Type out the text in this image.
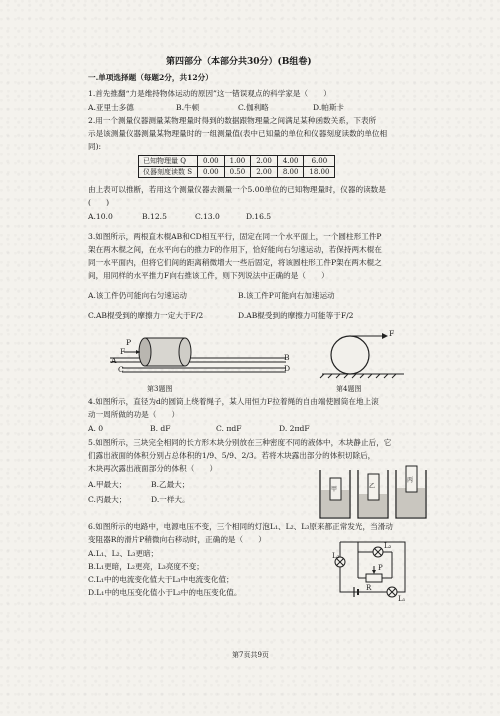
第四部分（本部分共30分）(B组卷)
一.单项选择题（每题2分，共12分）
1.首先推翻“力是维持物体运动的原因”这一错误观点的科学家是（　　）
A.亚里士多德	B.牛顿	C.伽利略	D.帕斯卡
2.用一个测量仪器测量某物理量时得到的数据跟物理量之间满足某种函数关系，下表所
示是该测量仪器测量某物理量时的一组测量值(表中已知量的单位和仪器刻度读数的单位相
同):
已知物理量 Q	0.00	1.00	2.00	4.00	6.00
仪器刻度读数 S	0.00	0.50	2.00	8.00	18.00
由上表可以推断，若用这个测量仪器去测量一个5.00单位的已知物理量时，仪器的读数是
(　　)
A.10.0	B.12.5	C.13.0	D.16.5
3.如图所示，两根直木棍AB和CD相互平行，固定在同一个水平面上，一个圆柱形工件P
架在两木棍之间，在水平向右的推力F的作用下，恰好能向右匀速运动，若保持两木棍在
同一水平面内，但将它们间的距离稍微增大一些后固定，将该圆柱形工件P架在两木棍之
间，用同样的水平推力F向右推该工件，则下列说法中正确的是（　　）
A.该工件仍可能向右匀速运动	B.该工件P可能向右加速运动
C.AB棍受到的摩擦力一定大于F/2	D.AB棍受到的摩擦力可能等于F/2
P
F
A
C
B
D
F
第3题图	第4题图
4.如图所示，直径为d的圆筒上绕着绳子，某人用恒力F拉着绳的自由端使圆筒在地上滚
动一周所做的功是（　　）
A. 0	B. dF	C. πdF	D. 2πdF
5.如图所示，三块完全相同的长方形木块分别放在三种密度不同的液体中，木块静止后，它
们露出液面的体积分别占总体积的1/9、5/9、2/3。若将木块露出部分的体积切除后，
木块再次露出液面部分的体积（　　）
A.甲最大；	B.乙最大；
C.丙最大；	D.一样大。
甲	乙
丙
6.如图所示的电路中，电源电压不变，三个相同的灯泡L₁、L₂、L₃原来都正常发光，当滑动
变阻器R的滑片P稍微向右移动时，正确的是（　　）
A.L₁、L₂、L₃更暗；
B.L₁更暗，L₂更亮，L₃亮度不变；
C.L₁中的电流变化值大于L₃中电流变化值；
D.L₁中的电压变化值小于L₂中的电压变化值。
L₃
L₂
P
R
L₁
第7页共9页
